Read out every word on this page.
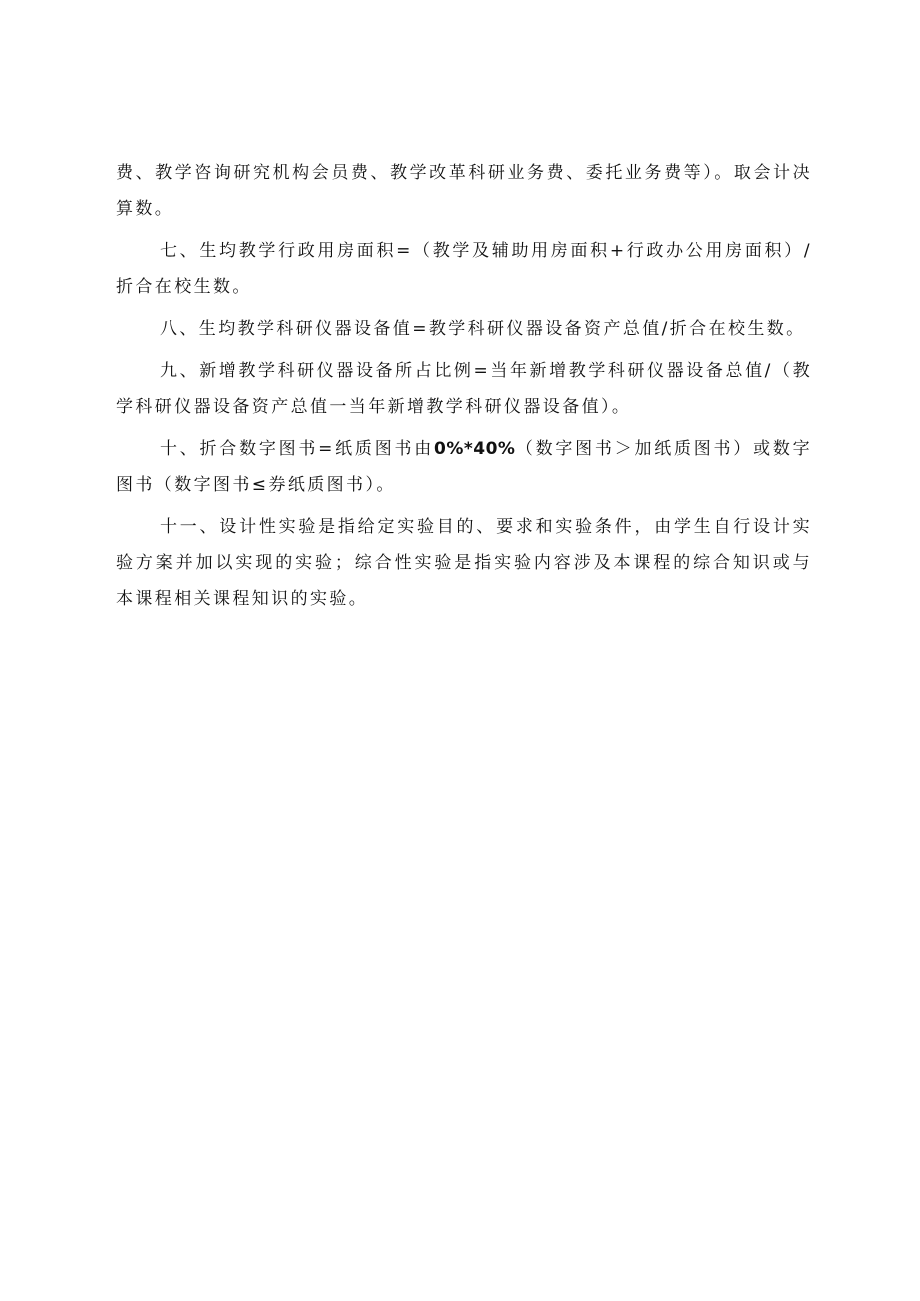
费、教学咨询研究机构会员费、教学改革科研业务费、委托业务费等）。取会计决算数。

七、生均教学行政用房面积=（教学及辅助用房面积+行政办公用房面积）/折合在校生数。

八、生均教学科研仪器设备值=教学科研仪器设备资产总值/折合在校生数。

九、新增教学科研仪器设备所占比例=当年新增教学科研仪器设备总值/（教学科研仪器设备资产总值一当年新增教学科研仪器设备值）。

十、折合数字图书=纸质图书由0%*40%（数字图书＞加纸质图书）或数字图书（数字图书≤券纸质图书）。

十一、设计性实验是指给定实验目的、要求和实验条件，由学生自行设计实验方案并加以实现的实验；综合性实验是指实验内容涉及本课程的综合知识或与本课程相关课程知识的实验。
